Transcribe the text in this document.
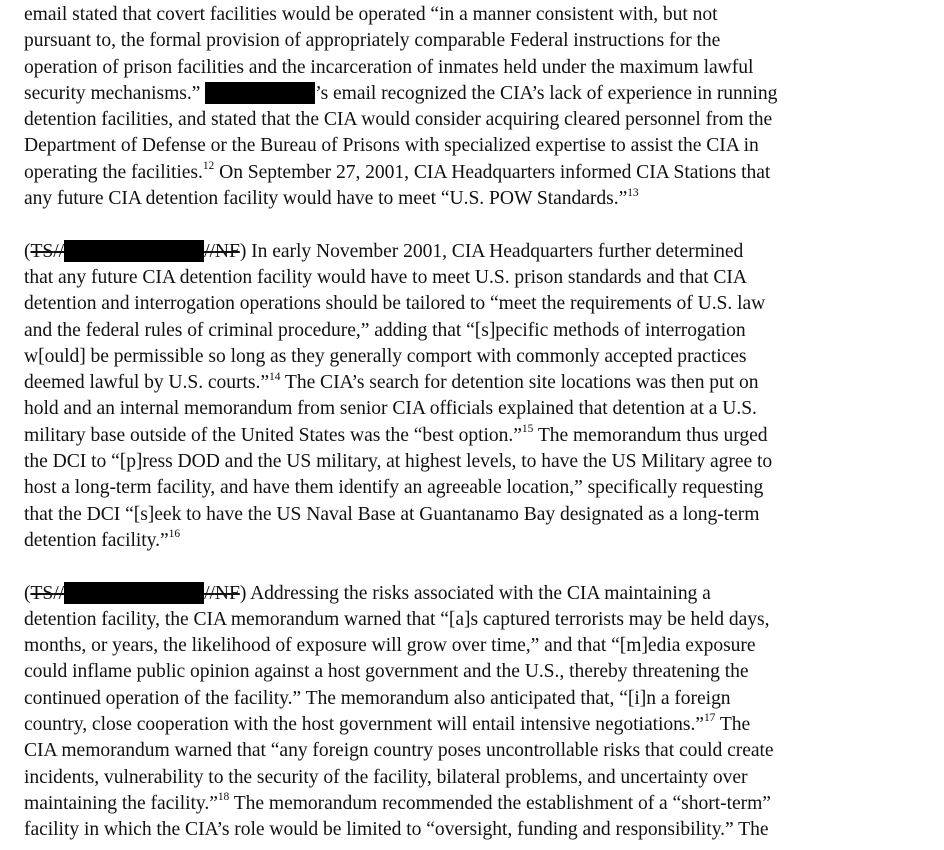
email stated that covert facilities would be operated “in a manner consistent with, but not
pursuant to, the formal provision of appropriately comparable Federal instructions for the
operation of prison facilities and the incarceration of inmates held under the maximum lawful
security mechanisms.”	’s email recognized the CIA’s lack of experience in running
detention facilities, and stated that the CIA would consider acquiring cleared personnel from the
Department of Defense or the Bureau of Prisons with specialized expertise to assist the CIA in
operating the facilities.$^{12}$ On September 27, 2001, CIA Headquarters informed CIA Stations that
any future CIA detention facility would have to meet “U.S. POW Standards.”$^{13}$
(TS//	//NF) In early November 2001, CIA Headquarters further determined
that any future CIA detention facility would have to meet U.S. prison standards and that CIA
detention and interrogation operations should be tailored to “meet the requirements of U.S. law
and the federal rules of criminal procedure,” adding that “[s]pecific methods of interrogation
w[ould] be permissible so long as they generally comport with commonly accepted practices
deemed lawful by U.S. courts.”$^{14}$ The CIA’s search for detention site locations was then put on
hold and an internal memorandum from senior CIA officials explained that detention at a U.S.
military base outside of the United States was the “best option.”$^{15}$ The memorandum thus urged
the DCI to “[p]ress DOD and the US military, at highest levels, to have the US Military agree to
host a long-term facility, and have them identify an agreeable location,” specifically requesting
that the DCI “[s]eek to have the US Naval Base at Guantanamo Bay designated as a long-term
detention facility.”$^{16}$
(TS//	//NF) Addressing the risks associated with the CIA maintaining a
detention facility, the CIA memorandum warned that “[a]s captured terrorists may be held days,
months, or years, the likelihood of exposure will grow over time,” and that “[m]edia exposure
could inflame public opinion against a host government and the U.S., thereby threatening the
continued operation of the facility.” The memorandum also anticipated that, “[i]n a foreign
country, close cooperation with the host government will entail intensive negotiations.”$^{17}$ The
CIA memorandum warned that “any foreign country poses uncontrollable risks that could create
incidents, vulnerability to the security of the facility, bilateral problems, and uncertainty over
maintaining the facility.”$^{18}$ The memorandum recommended the establishment of a “short-term”
facility in which the CIA’s role would be limited to “oversight, funding and responsibility.” The
